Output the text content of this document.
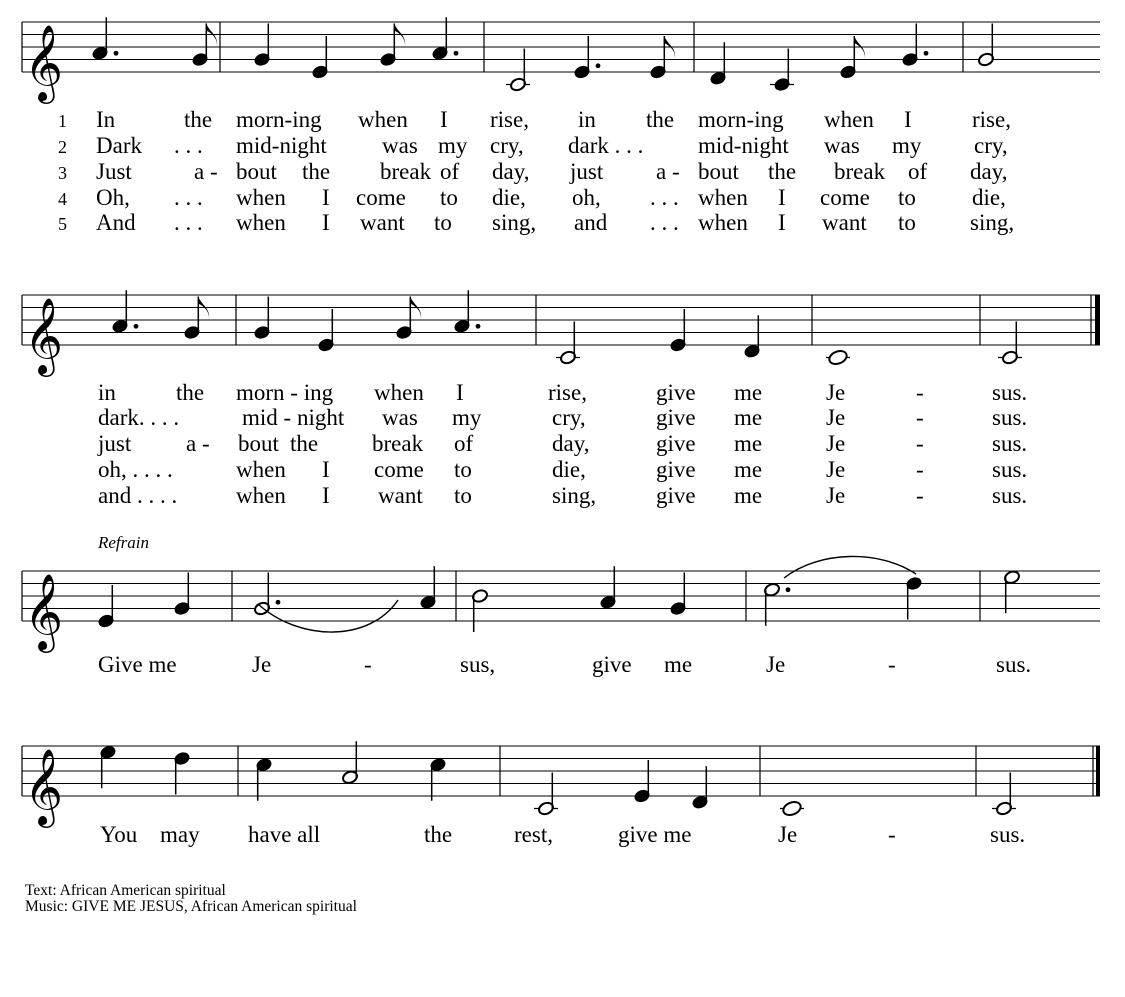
𝄞
𝄞
𝄞
𝄞
Refrain
1
2
3
4
5
In	the morn-ing when I rise, in the morn-ing when I	rise,
Dark . . . mid-night was my cry, dark . . . mid-night was my cry,
Just	a - bout the break of day, just a - bout the break of day,
Oh, . . . when I come to die, oh, . . . when I come to die,
And . . . when I want to sing, and . . . when I want to sing,
in	the morn - ing when I	rise,	give me	Je	-	sus.
dark. . . .	mid - night was my	cry,	give me	Je	-	sus.
just a - bout the break of	day,	give me	Je	-	sus.
oh, . . . .	when I come to	die,	give me	Je	-	sus.
and . . . .	when I want to	sing,	give me	Je	-	sus.
Give me	Je	-	sus,	give me	Je	-	sus.
You may have all	the	rest,	give me	Je	-	sus.
Text: African American spiritual
Music: GIVE ME JESUS, African American spiritual
